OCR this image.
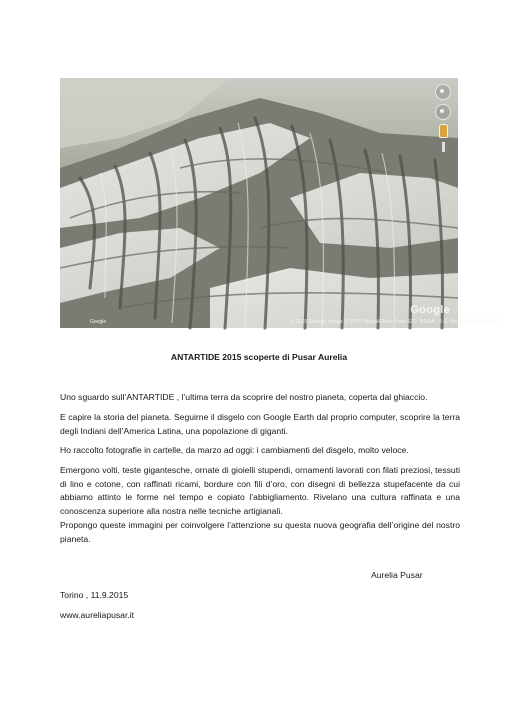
Google
Google	© 2015 Google Image © 2015 DigitalGlobe Data SIO, NOAA, U.S. Navy, NGA, GEBCO
ANTARTIDE 2015 scoperte di Pusar Aurelia

Uno sguardo sull’ANTARTIDE , l’ultima terra da scoprire del nostro pianeta, coperta dal ghiaccio.

E capire la storia del pianeta. Seguirne il disgelo con Google Earth dal proprio computer, scoprire la terra degli Indiani dell’America Latina, una popolazione di giganti.

Ho raccolto fotografie in cartelle, da marzo ad oggi: i cambiamenti del disgelo, molto veloce.

Emergono volti, teste gigantesche, ornate di gioielli stupendi, ornamenti lavorati con filati preziosi, tessuti di lino e cotone, con raffinati ricami, bordure con fili d’oro, con disegni di bellezza stupefacente da cui abbiamo attinto le forme nel tempo e copiato l’abbigliamento. Rivelano una cultura raffinata e una conoscenza superiore alla nostra nelle tecniche artigianali.

Propongo queste immagini per coinvolgere l’attenzione su questa nuova geografia dell’origine del nostro pianeta.

Aurelia Pusar
Torino , 11.9.2015
www.aureliapusar.it
